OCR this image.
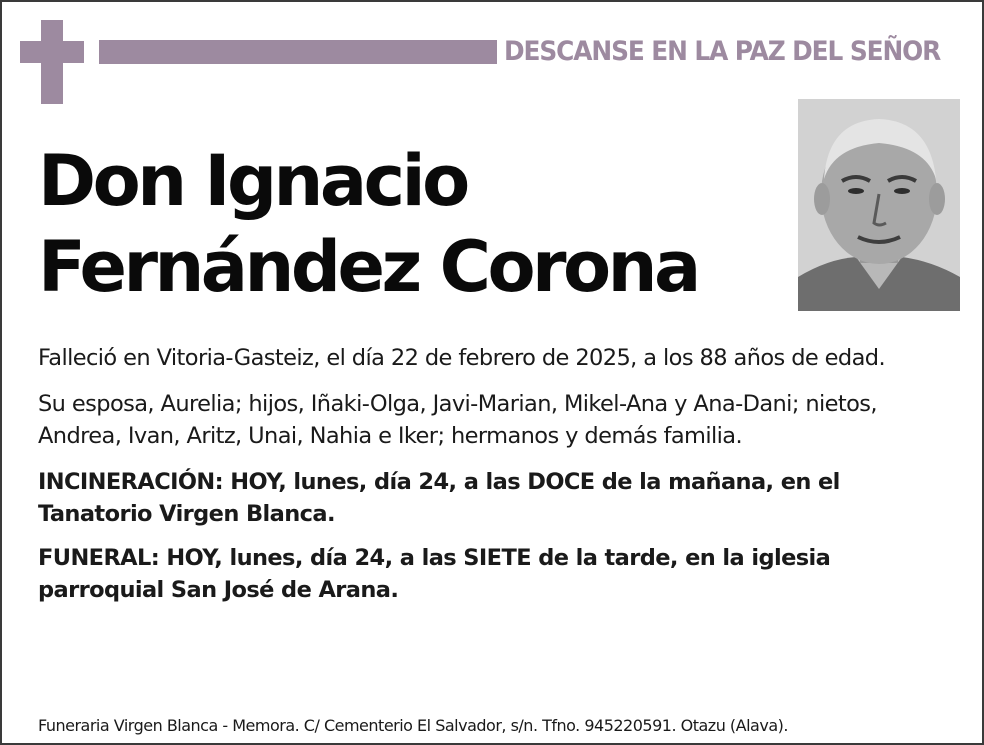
DESCANSE EN LA PAZ DEL SEÑOR
Don Ignacio
Fernández Corona

Falleció en Vitoria-Gasteiz, el día 22 de febrero de 2025, a los 88 años de edad.

Su esposa, Aurelia; hijos, Iñaki-Olga, Javi-Marian, Mikel-Ana y Ana-Dani; nietos, Andrea, Ivan, Aritz, Unai, Nahia e Iker; hermanos y demás familia.

INCINERACIÓN: HOY, lunes, día 24, a las DOCE de la mañana, en el Tanatorio Virgen Blanca.

FUNERAL: HOY, lunes, día 24, a las SIETE de la tarde, en la iglesia parroquial San José de Arana.

Funeraria Virgen Blanca - Memora. C/ Cementerio El Salvador, s/n. Tfno. 945220591. Otazu (Alava).
